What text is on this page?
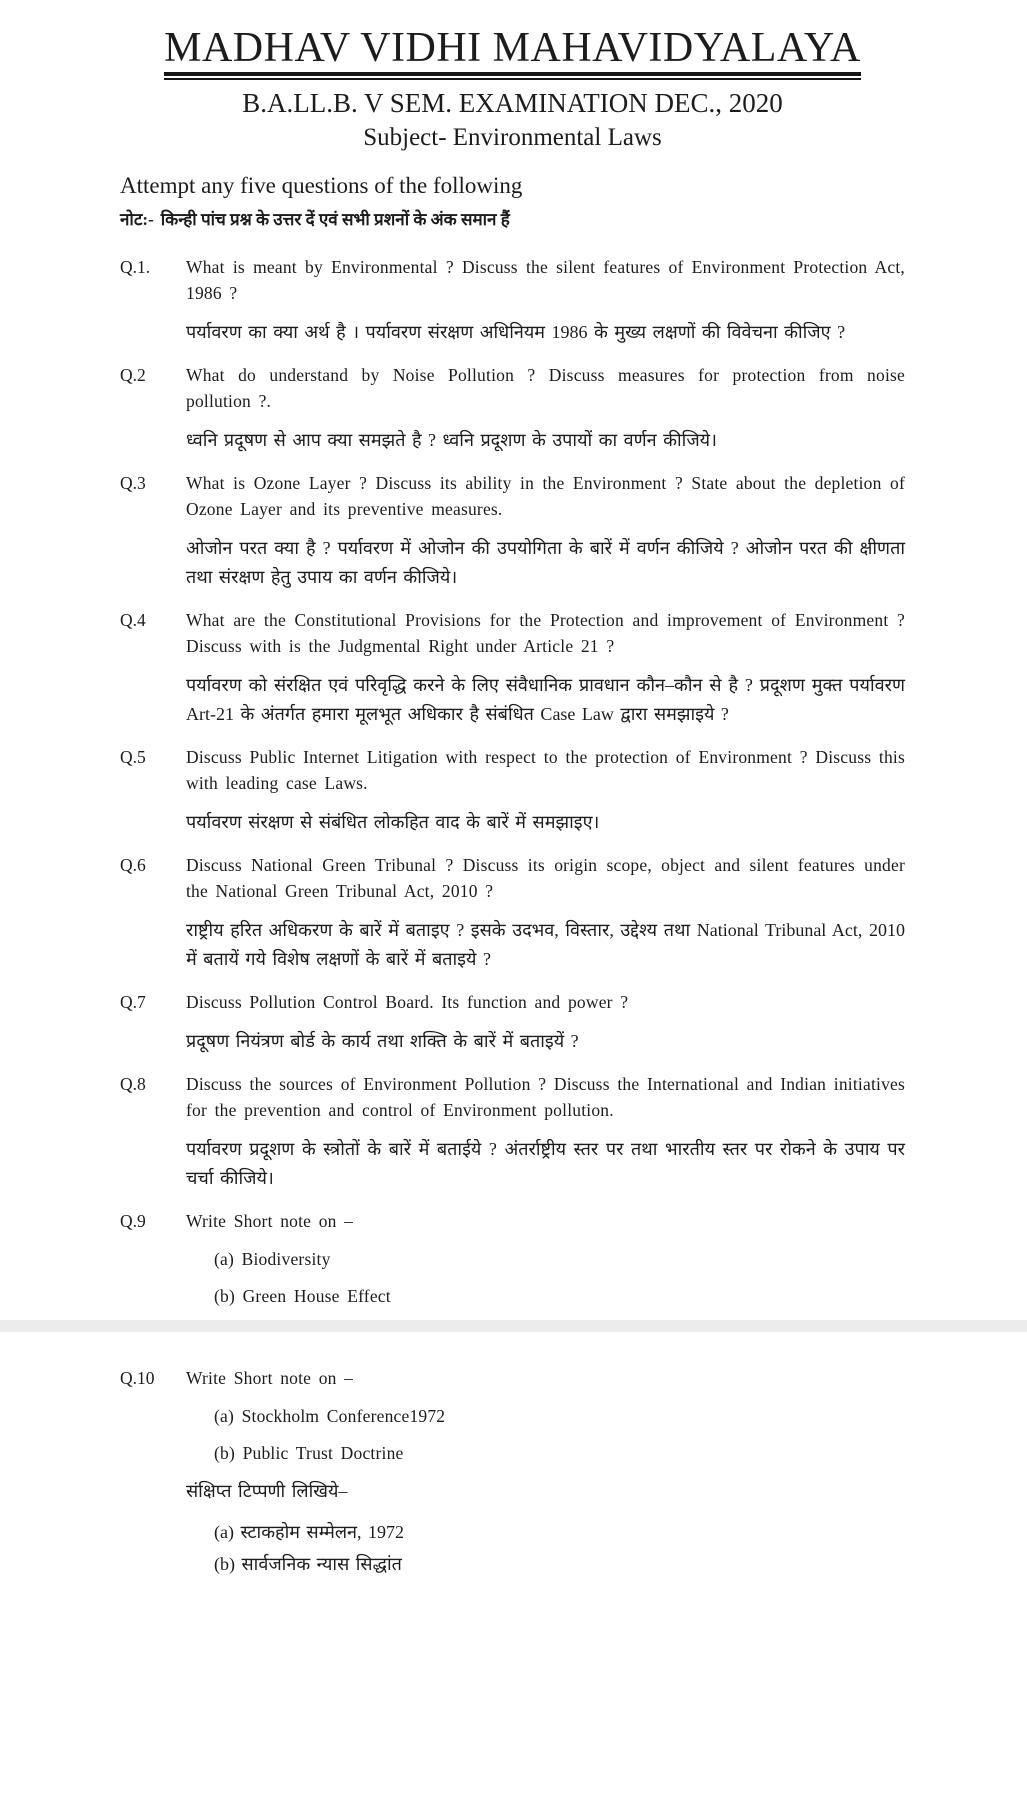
MADHAV VIDHI MAHAVIDYALAYA
B.A.LL.B. V SEM. EXAMINATION DEC., 2020
Subject- Environmental Laws

Attempt any five questions of the following

नोट:- किन्ही पांच प्रश्न के उत्तर दें एवं सभी प्रशनों के अंक समान हैं

Q.1.	What is meant by Environmental ? Discuss the silent features of Environment Protection Act, 1986 ?

पर्यावरण का क्या अर्थ है । पर्यावरण संरक्षण अधिनियम 1986 के मुख्य लक्षणों की विवेचना कीजिए ?

Q.2	What do understand by Noise Pollution ? Discuss measures for protection from noise pollution ?.

ध्वनि प्रदूषण से आप क्या समझते है ? ध्वनि प्रदूशण के उपायों का वर्णन कीजिये।

Q.3	What is Ozone Layer ? Discuss its ability in the Environment ? State about the depletion of Ozone Layer and its preventive measures.

ओजोन परत क्या है ? पर्यावरण में ओजोन की उपयोगिता के बारें में वर्णन कीजिये ? ओजोन परत की क्षीणता तथा संरक्षण हेतु उपाय का वर्णन कीजिये।

Q.4	What are the Constitutional Provisions for the Protection and improvement of Environment ? Discuss with is the Judgmental Right under Article 21 ?

पर्यावरण को संरक्षित एवं परिवृद्धि करने के लिए संवैधानिक प्रावधान कौन–कौन से है ? प्रदूशण मुक्त पर्यावरण Art-21 के अंतर्गत हमारा मूलभूत अधिकार है संबंधित Case Law द्वारा समझाइये ?

Q.5	Discuss Public Internet Litigation with respect to the protection of Environment ? Discuss this with leading case Laws.

पर्यावरण संरक्षण से संबंधित लोकहित वाद के बारें में समझाइए।

Q.6	Discuss National Green Tribunal ? Discuss its origin scope, object and silent features under the National Green Tribunal Act, 2010 ?

राष्ट्रीय हरित अधिकरण के बारें में बताइए ? इसके उदभव, विस्तार, उद्देश्य तथा National Tribunal Act, 2010 में बतायें गये विशेष लक्षणों के बारें में बताइये ?

Q.7	Discuss Pollution Control Board. Its function and power ?

प्रदूषण नियंत्रण बोर्ड के कार्य तथा शक्ति के बारें में बताइयें ?

Q.8	Discuss the sources of Environment Pollution ? Discuss the International and Indian initiatives for the prevention and control of Environment pollution.

पर्यावरण प्रदूशण के स्त्रोतों के बारें में बताईये ? अंतर्राष्ट्रीय स्तर पर तथा भारतीय स्तर पर रोकने के उपाय पर चर्चा कीजिये।

Q.9	Write Short note on –

(a) Biodiversity

(b) Green House Effect

Q.10	Write Short note on –

(a) Stockholm Conference1972

(b) Public Trust Doctrine

संक्षिप्त टिप्पणी लिखिये–

(a) स्टाकहोम सम्मेलन, 1972

(b) सार्वजनिक न्यास सिद्धांत
